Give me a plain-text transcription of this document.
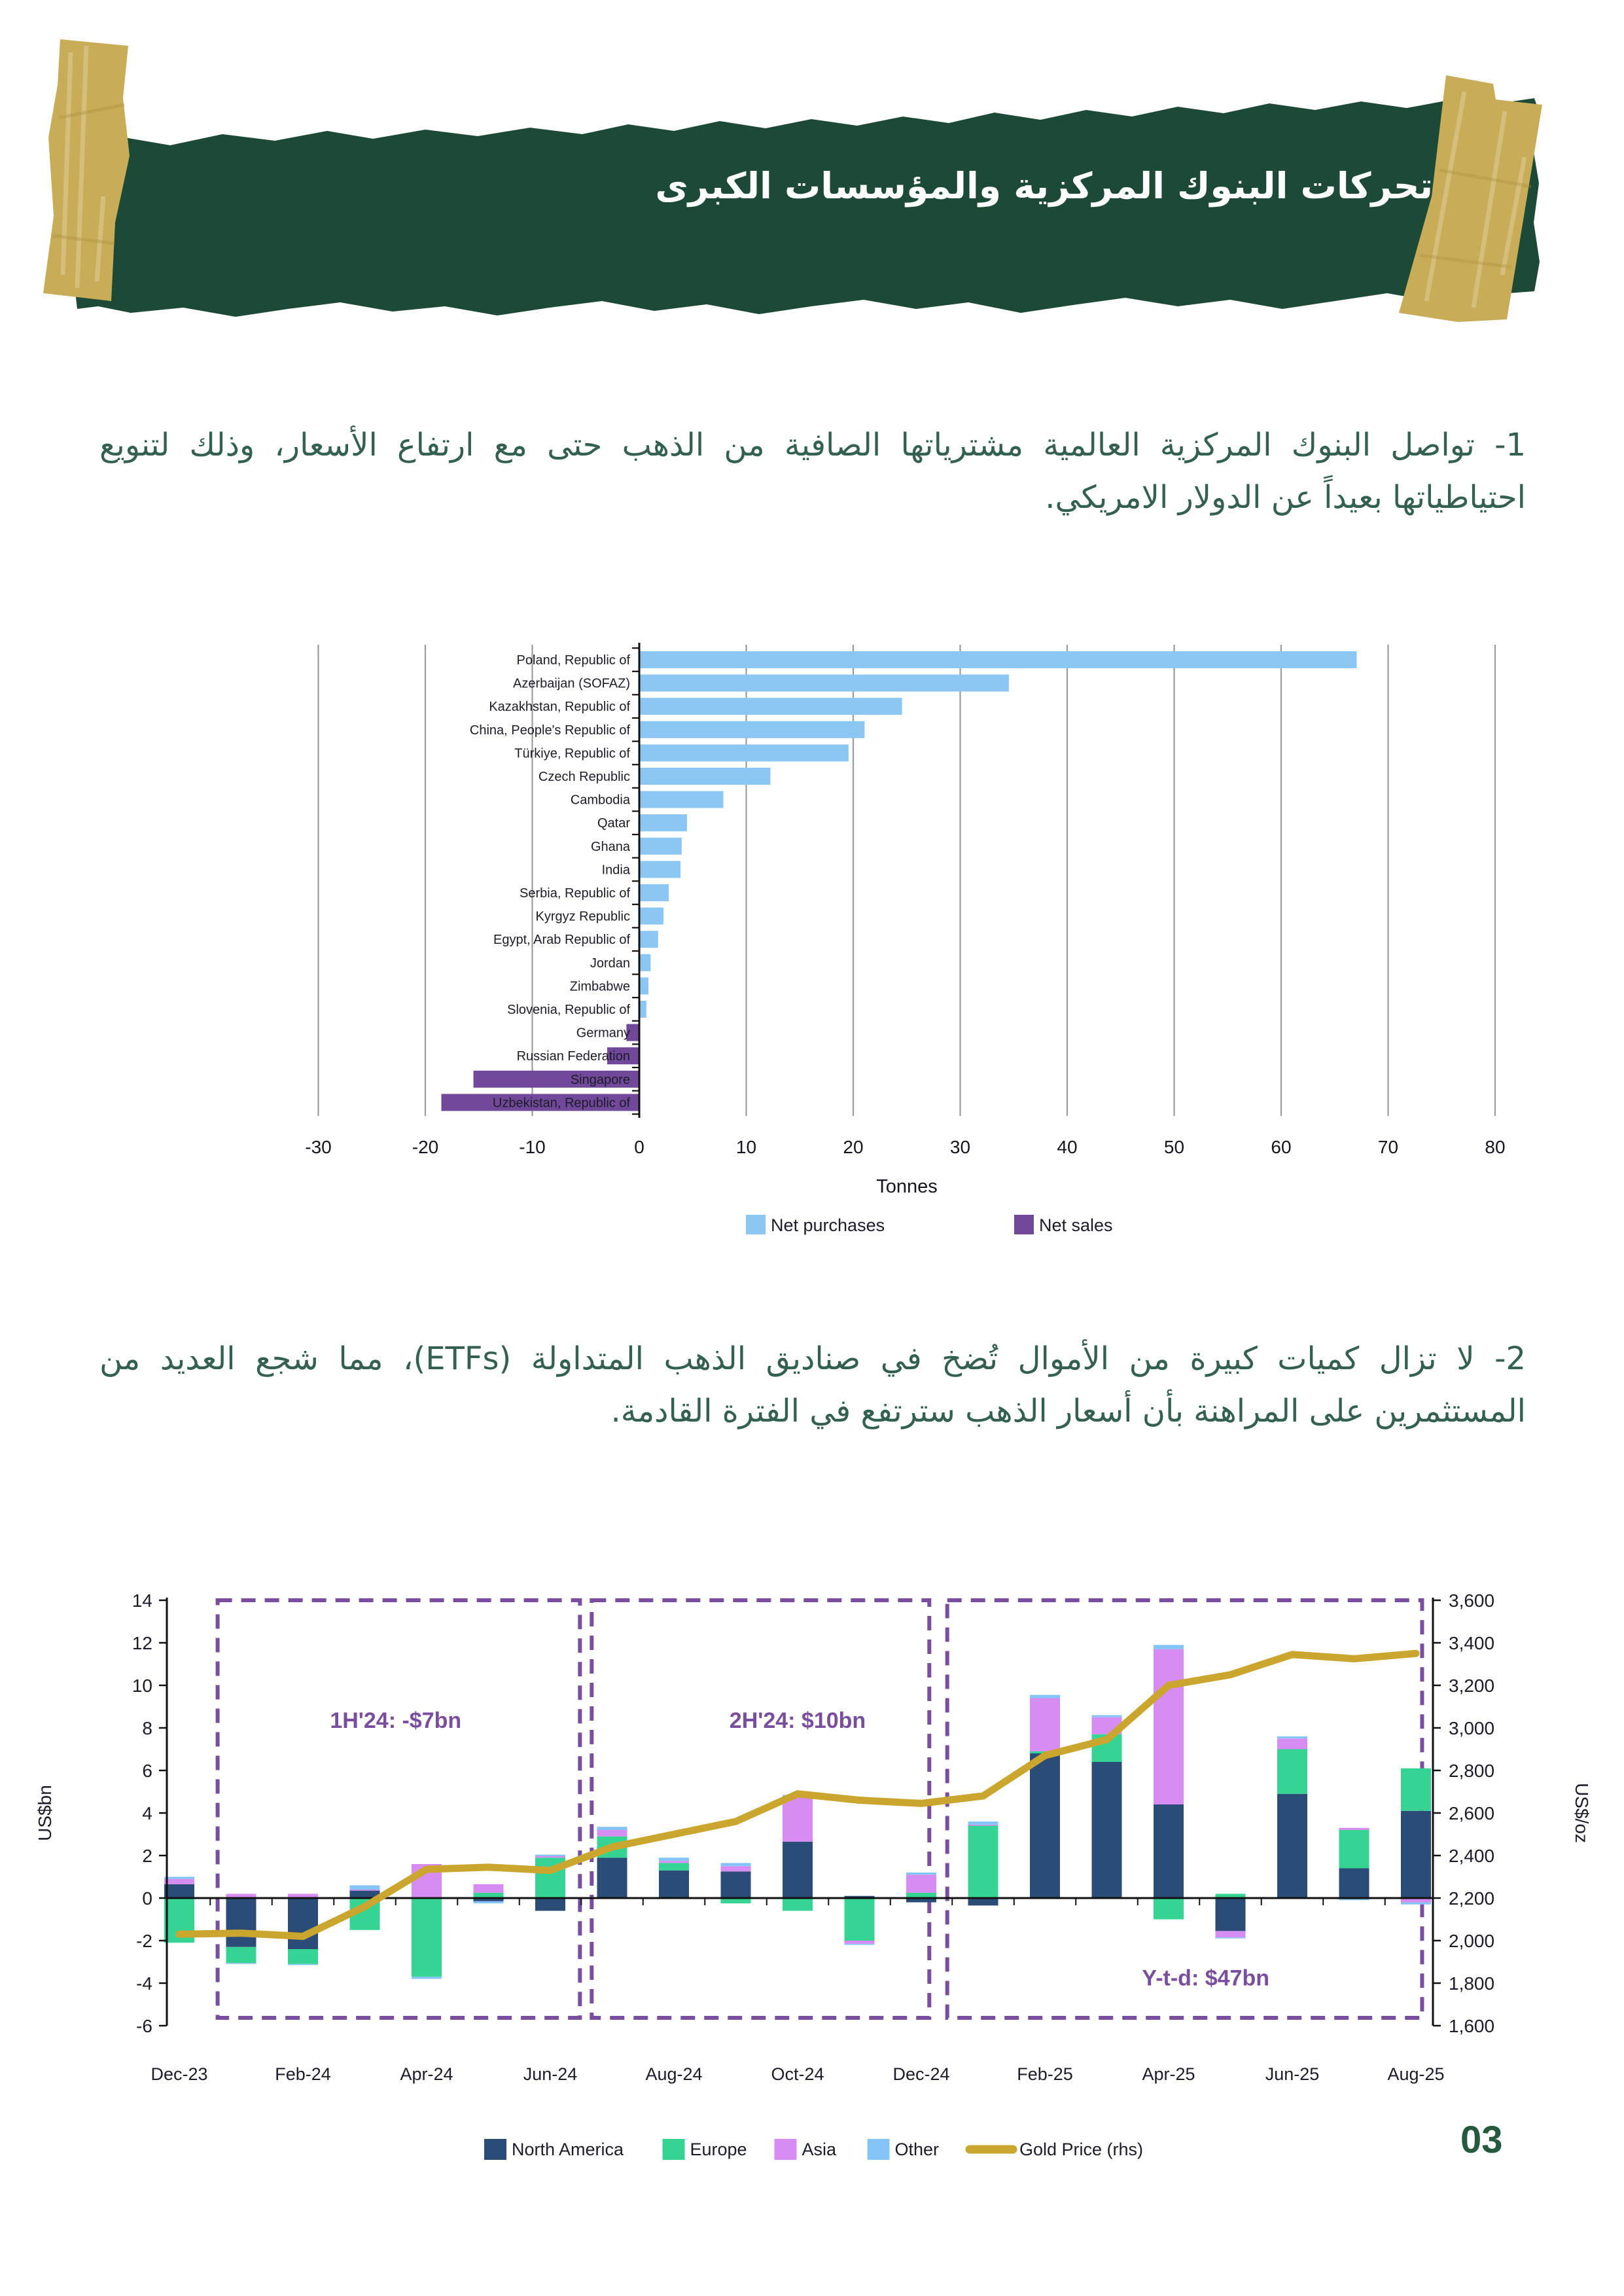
تحركات البنوك المركزية والمؤسسات الكبرى
1- تواصل البنوك المركزية العالمية مشترياتها الصافية من الذهب حتى مع ارتفاع الأسعار، وذلك لتنويع احتياطياتها بعيداً عن الدولار الامريكي.
2- لا تزال كميات كبيرة من الأموال تُضخ في صناديق الذهب المتداولة (ETFs)، مما شجع العديد من المستثمرين على المراهنة بأن أسعار الذهب سترتفع في الفترة القادمة.
Poland, Republic of
Azerbaijan (SOFAZ)
Kazakhstan, Republic of
China, People's Republic of
Türkiye, Republic of
Czech Republic
Cambodia
Qatar
Ghana
India
Serbia, Republic of
Kyrgyz Republic
Egypt, Arab Republic of
Jordan
Zimbabwe
Slovenia, Republic of
Germany
Russian Federation
Singapore
Uzbekistan, Republic of
-30	-20	-10	0	10	20	30	40	50	60	70	80
Tonnes
Net purchases	Net sales
-6
-4
-2
0
2
4
6
8
10
12
14
1,600
1,800
2,000
2,200
2,400
2,600
2,800
3,000
3,200
3,400
3,600
Dec-23	Feb-24	Apr-24	Jun-24	Aug-24	Oct-24	Dec-24	Feb-25	Apr-25	Jun-25	Aug-25
US$bn	US$/oz
1H'24: -$7bn	2H'24: $10bn
Y-t-d: $47bn
North America	Europe	Asia	Other	Gold Price (rhs)	03
